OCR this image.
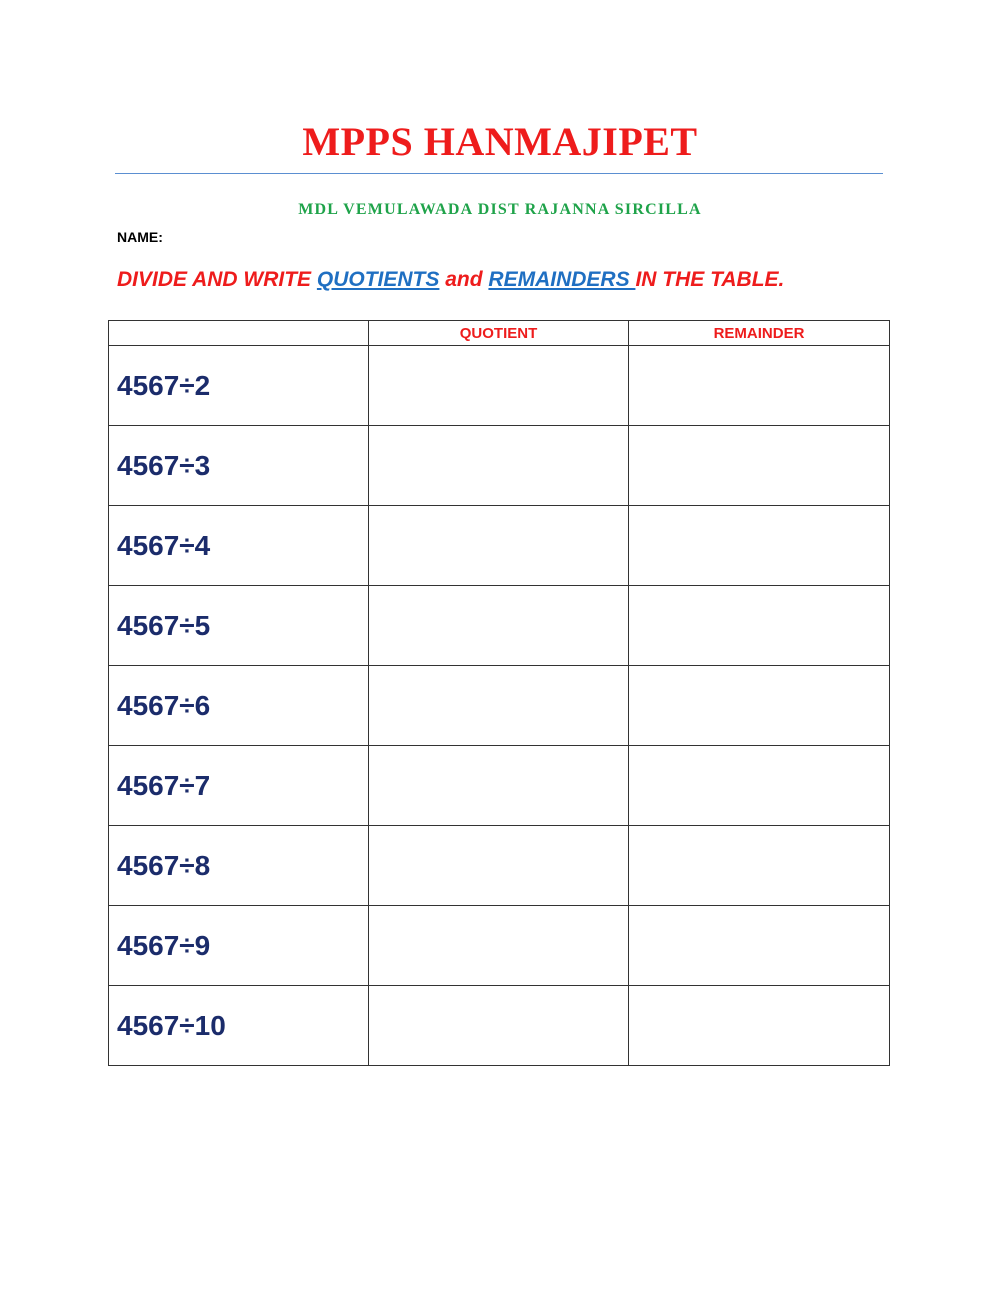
MPPS HANMAJIPET
MDL VEMULAWADA DIST RAJANNA SIRCILLA
NAME:
DIVIDE AND WRITE QUOTIENTS and REMAINDERS IN THE TABLE.
	QUOTIENT	REMAINDER
4567÷2		
4567÷3		
4567÷4		
4567÷5		
4567÷6		
4567÷7		
4567÷8		
4567÷9		
4567÷10		
